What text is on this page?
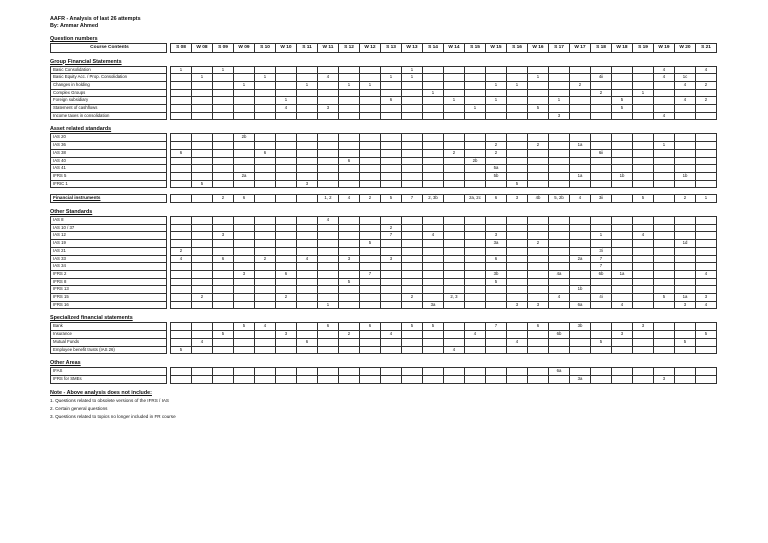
AAFR - Analysis of last 26 attempts
By: Ammar Ahmed
Question numbers
Course Contents		S 08	W 08	S 09	W 09	S 10	W 10	S 11	W 11	S 12	W 12	S 13	W 13	S 14	W 14	S 15	W 15	S 16	W 16	S 17	W 17	S 18	W 18	S 19	W 19	W 20	S 21
Group Financial Statements
Basic Consolidation		1		1									1												4		4
Basic Equity Acc. / Prop. Consolidation			1			1			4			1	1						1			4ii			4	1c	
Changes in holding					1			1		1	1						1	1			2					4	2
Complex Groups														1								2		1			
Foreign subsidiary							1					6			1		1			1			5			4	2
Statement of cashflows							4		3							1			5				5				
Income taxes in consolidation																				3					4		
Asset related standards
IAS 20					2b																						
IAS 36																	2		2		1a				1		
IAS 38		6				6									2		2					6ii					
IAS 40										6						2b											
IAS 41																	5a										
IFRS 5					2a												5b				1a		1b			1b	
IFRIC 1			5					3										5									
Financial instruments				2	6				1, 2	4	2	5	7	2, 3b		2a, 2c	6	3	4b	5, 2b	4	3ii		5		2	1
Other Standards
IAS 8									4																		
IAS 10 / 37												2															
IAS 12				3								7		4			3					1		4			
IAS 19											5						3a		2							1d	
IAS 21		2																				3i					
IAS 33		4		6		2		4		3		3					6				2a	7					
IAS 34																						7					
IFRS 2					3		6				7						3b			4a		6b	1a				4
IFRS 8										5							5										
IFRS 13																					1b						
IFRS 15			2				2						2		2, 3					4		4i			5	1a	3
IFRS 16									1					3a				3	3		6a		4			3	4
Specialized financial statements
Bank					5	4			6		6		5	5			7		6		3b			3			
Insurance				5			3			2		4				4				6b			3				5
Mutual Funds			4					6										4				5				5	
Employee benefit trusts (IAS 26)		5													4												
Other Areas
IFAS																				6a							
IFRS for SMEs																					3a				3		
Note - Above analysis does not include:
1. Questions related to obsolete versions of the IFRS / IAS
2. Certain general questions
3. Questions related to topics no longer included in FR course
